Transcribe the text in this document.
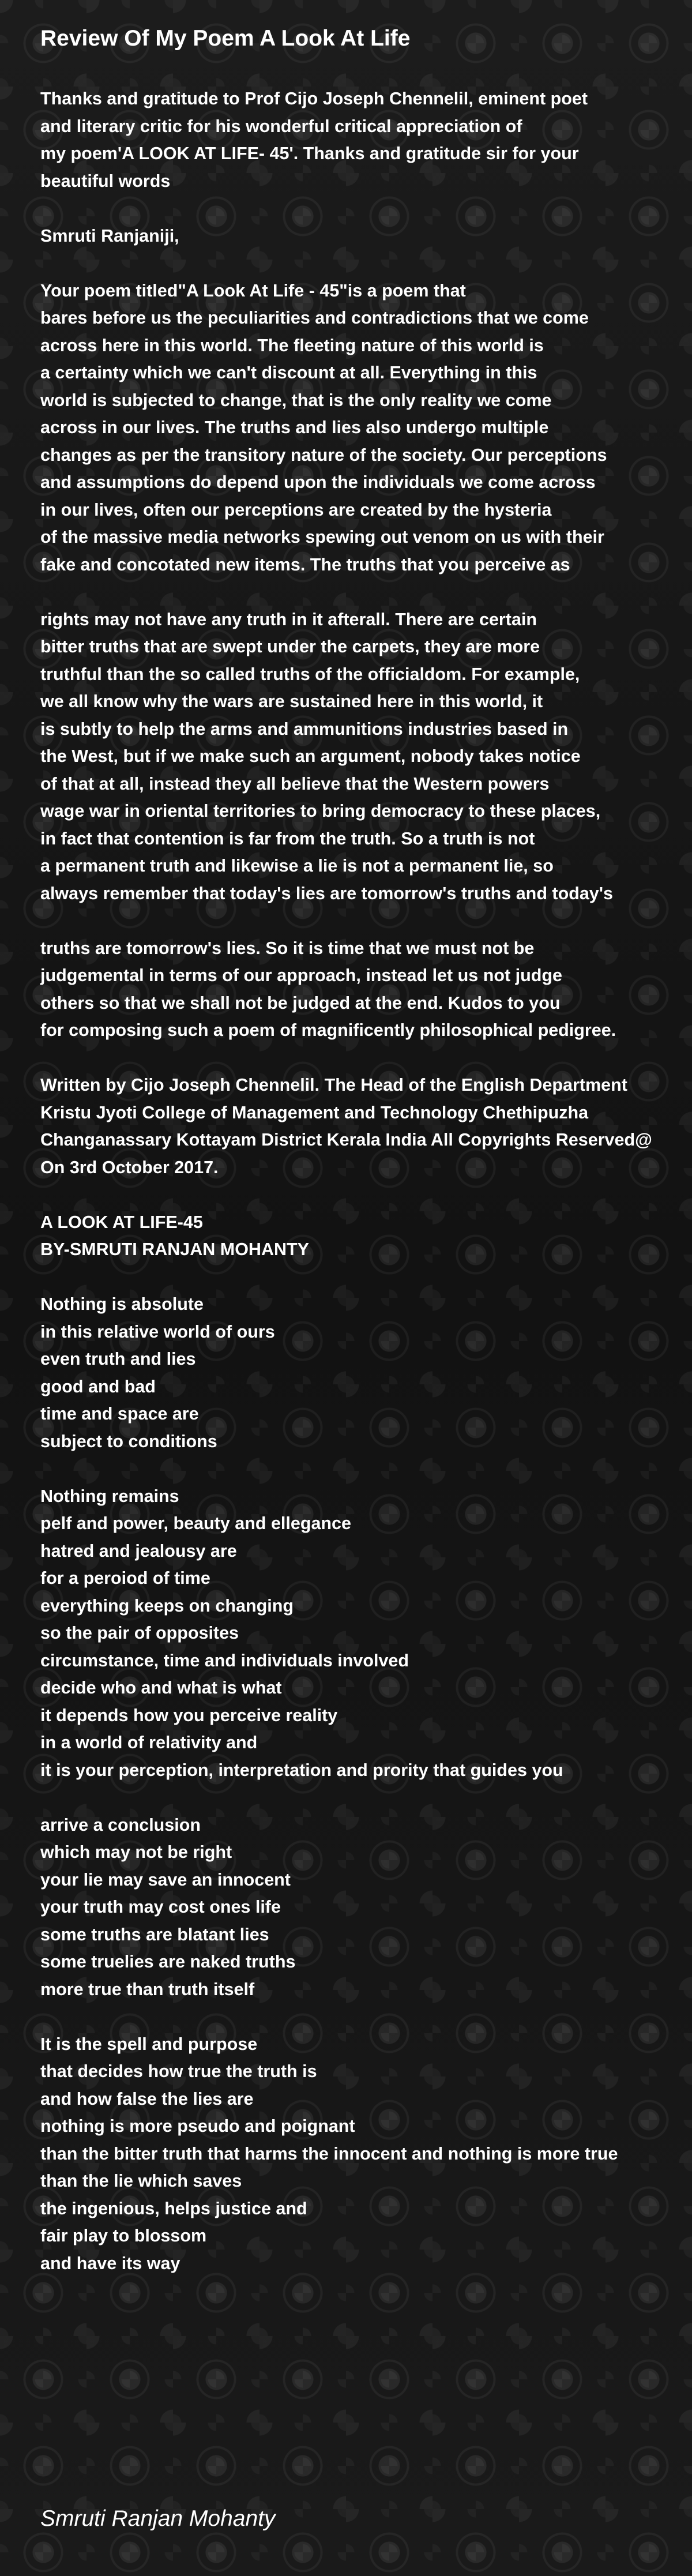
Review Of My Poem A Look At Life
Thanks and gratitude to Prof Cijo Joseph Chennelil, eminent poet
and literary critic for his wonderful critical appreciation of
my poem'A LOOK AT LIFE- 45'. Thanks and gratitude sir for your
beautiful words
Smruti Ranjaniji,
Your poem titled"A Look At Life - 45"is a poem that
bares before us the peculiarities and contradictions that we come
across here in this world. The fleeting nature of this world is
a certainty which we can't discount at all. Everything in this
world is subjected to change, that is the only reality we come
across in our lives. The truths and lies also undergo multiple
changes as per the transitory nature of the society. Our perceptions
and assumptions do depend upon the individuals we come across
in our lives, often our perceptions are created by the hysteria
of the massive media networks spewing out venom on us with their
fake and concotated new items. The truths that you perceive as
rights may not have any truth in it afterall. There are certain
bitter truths that are swept under the carpets, they are more
truthful than the so called truths of the officialdom. For example,
we all know why the wars are sustained here in this world, it
is subtly to help the arms and ammunitions industries based in
the West, but if we make such an argument, nobody takes notice
of that at all, instead they all believe that the Western powers
wage war in oriental territories to bring democracy to these places,
in fact that contention is far from the truth. So a truth is not
a permanent truth and likewise a lie is not a permanent lie, so
always remember that today's lies are tomorrow's truths and today's
truths are tomorrow's lies. So it is time that we must not be
judgemental in terms of our approach, instead let us not judge
others so that we shall not be judged at the end. Kudos to you
for composing such a poem of magnificently philosophical pedigree.
Written by Cijo Joseph Chennelil. The Head of the English Department
Kristu Jyoti College of Management and Technology Chethipuzha
Changanassary Kottayam District Kerala India All Copyrights Reserved@
On 3rd October 2017.
A LOOK AT LIFE-45
BY-SMRUTI RANJAN MOHANTY
Nothing is absolute
in this relative world of ours
even truth and lies
good and bad
time and space are
subject to conditions
Nothing remains
pelf and power, beauty and ellegance
hatred and jealousy are
for a peroiod of time
everything keeps on changing
so the pair of opposites
circumstance, time and individuals involved
decide who and what is what
it depends how you perceive reality
in a world of relativity and
it is your perception, interpretation and prority that guides you
arrive a conclusion
which may not be right
your lie may save an innocent
your truth may cost ones life
some truths are blatant lies
some truelies are naked truths
more true than truth itself
It is the spell and purpose
that decides how true the truth is
and how false the lies are
nothing is more pseudo and poignant
than the bitter truth that harms the innocent and nothing is more true
than the lie which saves
the ingenious, helps justice and
fair play to blossom
and have its way
Smruti Ranjan Mohanty
